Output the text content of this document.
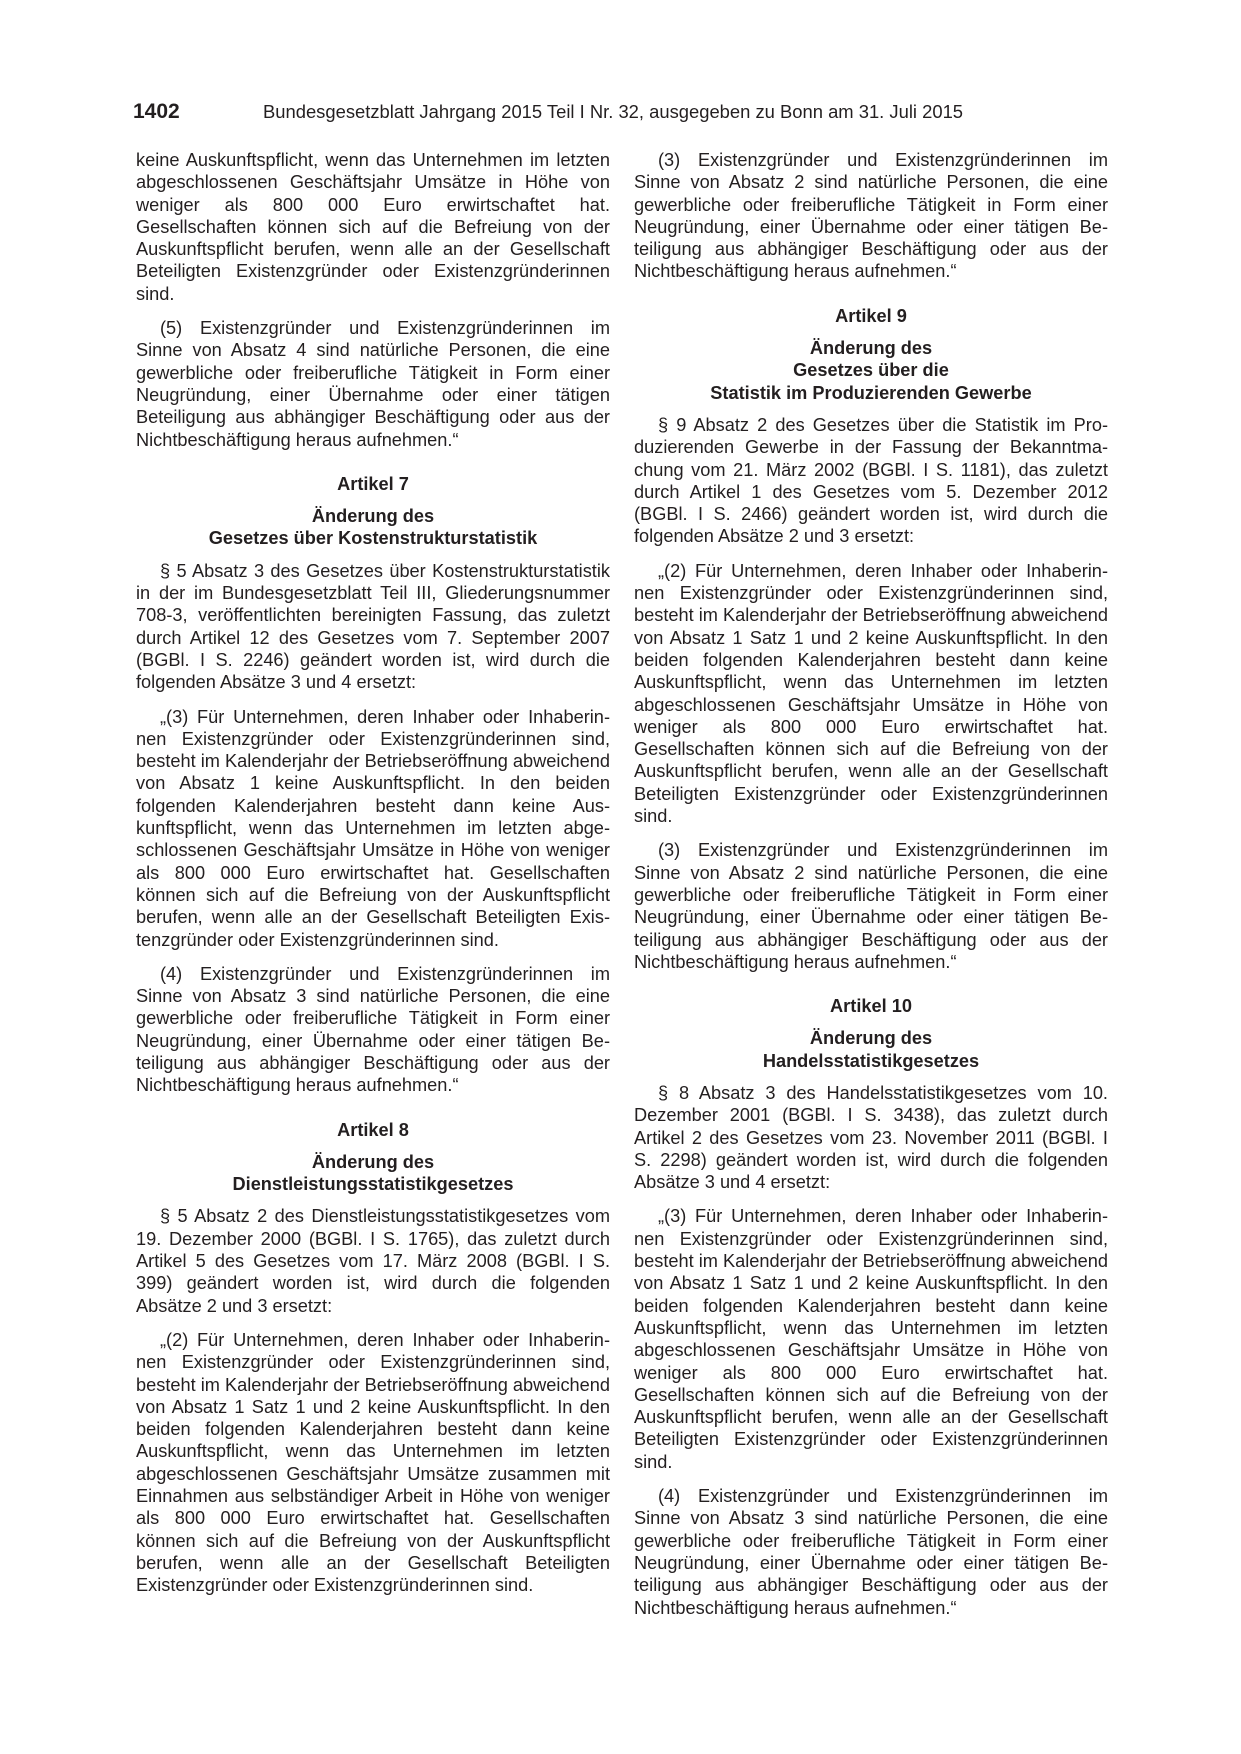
1402	Bundesgesetzblatt Jahrgang 2015 Teil I Nr. 32, ausgegeben zu Bonn am 31. Juli 2015

keine Auskunftspflicht, wenn das Unternehmen im letzten abgeschlossenen Geschäftsjahr Umsätze in Höhe von weniger als 800 000 Euro erwirtschaftet hat. Gesellschaften können sich auf die Befreiung von der Auskunftspflicht berufen, wenn alle an der Gesellschaft Beteiligten Existenzgründer oder Existenzgründerinnen sind.

(5) Existenzgründer und Existenzgründerinnen im Sinne von Absatz 4 sind natürliche Personen, die eine gewerbliche oder freiberufliche Tätigkeit in Form einer Neugründung, einer Übernahme oder einer tätigen Beteiligung aus abhängiger Beschäftigung oder aus der Nichtbeschäftigung heraus aufnehmen.“

Artikel 7
Änderung des
Gesetzes über Kostenstrukturstatistik

§ 5 Absatz 3 des Gesetzes über Kostenstrukturstatistik in der im Bundesgesetzblatt Teil III, Gliederungsnummer 708-3, veröffentlichten bereinigten Fassung, das zuletzt durch Artikel 12 des Gesetzes vom 7. September 2007 (BGBl. I S. 2246) geändert worden ist, wird durch die folgenden Absätze 3 und 4 ersetzt:

„(3) Für Unternehmen, deren Inhaber oder Inhaberinnen Existenzgründer oder Existenzgründerinnen sind, besteht im Kalenderjahr der Betriebseröffnung abweichend von Absatz 1 keine Auskunftspflicht. In den beiden folgenden Kalenderjahren besteht dann keine Auskunftspflicht, wenn das Unternehmen im letzten abgeschlossenen Geschäftsjahr Umsätze in Höhe von weniger als 800 000 Euro erwirtschaftet hat. Gesellschaften können sich auf die Befreiung von der Auskunftspflicht berufen, wenn alle an der Gesellschaft Beteiligten Existenzgründer oder Existenzgründerinnen sind.

(4) Existenzgründer und Existenzgründerinnen im Sinne von Absatz 3 sind natürliche Personen, die eine gewerbliche oder freiberufliche Tätigkeit in Form einer Neugründung, einer Übernahme oder einer tätigen Beteiligung aus abhängiger Beschäftigung oder aus der Nichtbeschäftigung heraus aufnehmen.“

Artikel 8
Änderung des
Dienstleistungsstatistikgesetzes

§ 5 Absatz 2 des Dienstleistungsstatistikgesetzes vom 19. Dezember 2000 (BGBl. I S. 1765), das zuletzt durch Artikel 5 des Gesetzes vom 17. März 2008 (BGBl. I S. 399) geändert worden ist, wird durch die folgenden Absätze 2 und 3 ersetzt:

„(2) Für Unternehmen, deren Inhaber oder Inhaberinnen Existenzgründer oder Existenzgründerinnen sind, besteht im Kalenderjahr der Betriebseröffnung abweichend von Absatz 1 Satz 1 und 2 keine Auskunftspflicht. In den beiden folgenden Kalenderjahren besteht dann keine Auskunftspflicht, wenn das Unternehmen im letzten abgeschlossenen Geschäftsjahr Umsätze zusammen mit Einnahmen aus selbständiger Arbeit in Höhe von weniger als 800 000 Euro erwirtschaftet hat. Gesellschaften können sich auf die Befreiung von der Auskunftspflicht berufen, wenn alle an der Gesellschaft Beteiligten Existenzgründer oder Existenzgründerinnen sind.

(3) Existenzgründer und Existenzgründerinnen im Sinne von Absatz 2 sind natürliche Personen, die eine gewerbliche oder freiberufliche Tätigkeit in Form einer Neugründung, einer Übernahme oder einer tätigen Beteiligung aus abhängiger Beschäftigung oder aus der Nichtbeschäftigung heraus aufnehmen.“

Artikel 9
Änderung des
Gesetzes über die
Statistik im Produzierenden Gewerbe

§ 9 Absatz 2 des Gesetzes über die Statistik im Produzierenden Gewerbe in der Fassung der Bekanntmachung vom 21. März 2002 (BGBl. I S. 1181), das zuletzt durch Artikel 1 des Gesetzes vom 5. Dezember 2012 (BGBl. I S. 2466) geändert worden ist, wird durch die folgenden Absätze 2 und 3 ersetzt:

„(2) Für Unternehmen, deren Inhaber oder Inhaberinnen Existenzgründer oder Existenzgründerinnen sind, besteht im Kalenderjahr der Betriebseröffnung abweichend von Absatz 1 Satz 1 und 2 keine Auskunftspflicht. In den beiden folgenden Kalenderjahren besteht dann keine Auskunftspflicht, wenn das Unternehmen im letzten abgeschlossenen Geschäftsjahr Umsätze in Höhe von weniger als 800 000 Euro erwirtschaftet hat. Gesellschaften können sich auf die Befreiung von der Auskunftspflicht berufen, wenn alle an der Gesellschaft Beteiligten Existenzgründer oder Existenzgründerinnen sind.

(3) Existenzgründer und Existenzgründerinnen im Sinne von Absatz 2 sind natürliche Personen, die eine gewerbliche oder freiberufliche Tätigkeit in Form einer Neugründung, einer Übernahme oder einer tätigen Beteiligung aus abhängiger Beschäftigung oder aus der Nichtbeschäftigung heraus aufnehmen.“

Artikel 10
Änderung des
Handelsstatistikgesetzes

§ 8 Absatz 3 des Handelsstatistikgesetzes vom 10. Dezember 2001 (BGBl. I S. 3438), das zuletzt durch Artikel 2 des Gesetzes vom 23. November 2011 (BGBl. I S. 2298) geändert worden ist, wird durch die folgenden Absätze 3 und 4 ersetzt:

„(3) Für Unternehmen, deren Inhaber oder Inhaberinnen Existenzgründer oder Existenzgründerinnen sind, besteht im Kalenderjahr der Betriebseröffnung abweichend von Absatz 1 Satz 1 und 2 keine Auskunftspflicht. In den beiden folgenden Kalenderjahren besteht dann keine Auskunftspflicht, wenn das Unternehmen im letzten abgeschlossenen Geschäftsjahr Umsätze in Höhe von weniger als 800 000 Euro erwirtschaftet hat. Gesellschaften können sich auf die Befreiung von der Auskunftspflicht berufen, wenn alle an der Gesellschaft Beteiligten Existenzgründer oder Existenzgründerinnen sind.

(4) Existenzgründer und Existenzgründerinnen im Sinne von Absatz 3 sind natürliche Personen, die eine gewerbliche oder freiberufliche Tätigkeit in Form einer Neugründung, einer Übernahme oder einer tätigen Beteiligung aus abhängiger Beschäftigung oder aus der Nichtbeschäftigung heraus aufnehmen.“
